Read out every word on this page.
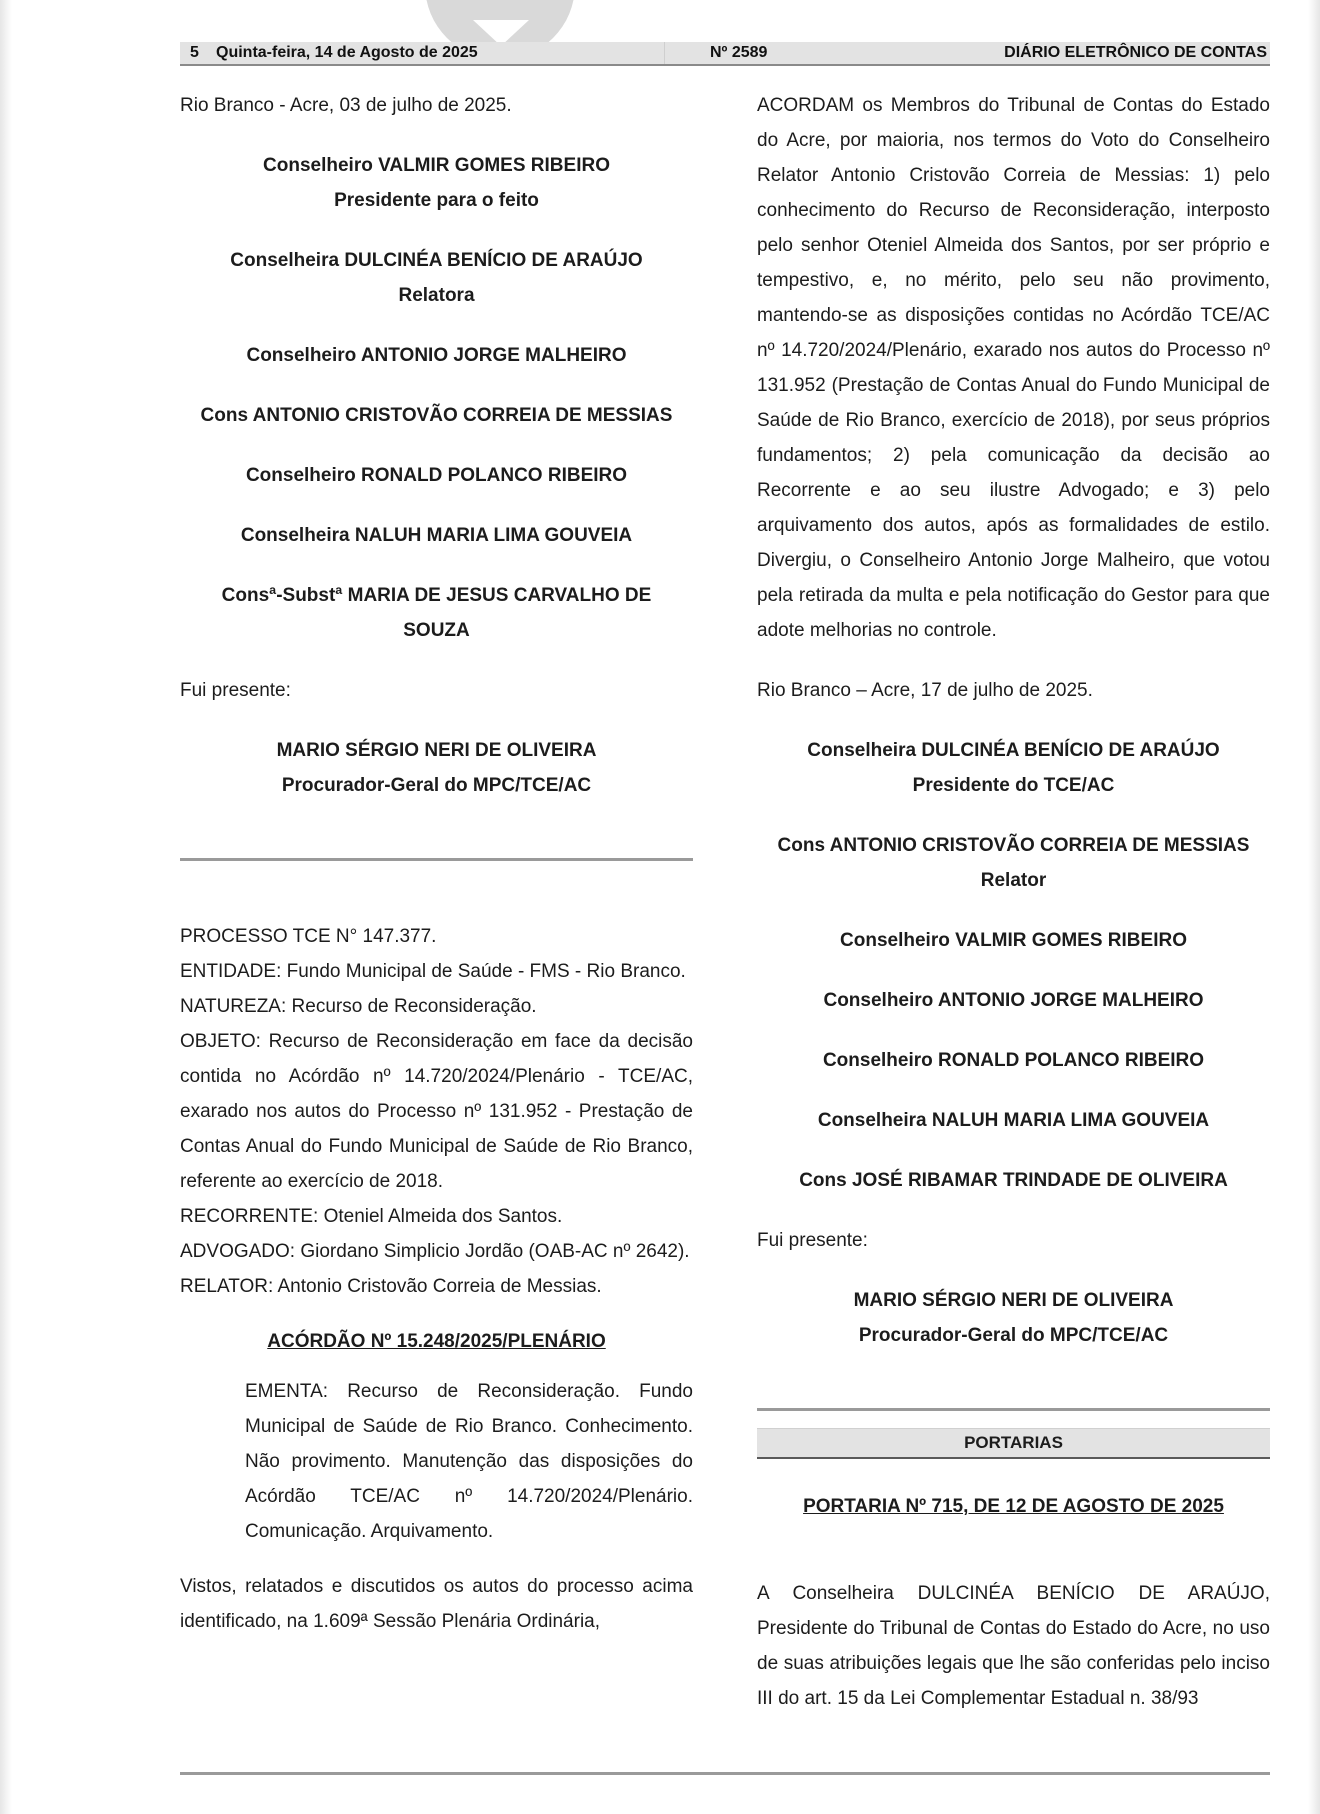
5 Quinta-feira, 14 de Agosto de 2025	Nº 2589	DIÁRIO ELETRÔNICO DE CONTAS

Rio Branco - Acre, 03 de julho de 2025.

Conselheiro VALMIR GOMES RIBEIRO

Presidente para o feito

Conselheira DULCINÉA BENÍCIO DE ARAÚJO

Relatora

Conselheiro ANTONIO JORGE MALHEIRO

Cons ANTONIO CRISTOVÃO CORREIA DE MESSIAS

Conselheiro RONALD POLANCO RIBEIRO

Conselheira NALUH MARIA LIMA GOUVEIA

Consª-Substª MARIA DE JESUS CARVALHO DE

SOUZA

Fui presente:

MARIO SÉRGIO NERI DE OLIVEIRA

Procurador-Geral do MPC/TCE/AC

PROCESSO TCE N° 147.377.

ENTIDADE: Fundo Municipal de Saúde - FMS - Rio Branco.

NATUREZA: Recurso de Reconsideração.

OBJETO: Recurso de Reconsideração em face da decisão contida no Acórdão nº 14.720/2024/Plenário - TCE/AC, exarado nos autos do Processo nº 131.952 - Prestação de Contas Anual do Fundo Municipal de Saúde de Rio Branco, referente ao exercício de 2018.

RECORRENTE: Oteniel Almeida dos Santos.

ADVOGADO: Giordano Simplicio Jordão (OAB-AC nº 2642).

RELATOR: Antonio Cristovão Correia de Messias.

ACÓRDÃO Nº 15.248/2025/PLENÁRIO

EMENTA: Recurso de Reconsideração. Fundo Municipal de Saúde de Rio Branco. Conhecimento. Não provimento. Manutenção das disposições do Acórdão TCE/AC nº 14.720/2024/Plenário. Comunicação. Arquivamento.

Vistos, relatados e discutidos os autos do processo acima identificado, na 1.609ª Sessão Plenária Ordinária,

ACORDAM os Membros do Tribunal de Contas do Estado do Acre, por maioria, nos termos do Voto do Conselheiro Relator Antonio Cristovão Correia de Messias: 1) pelo conhecimento do Recurso de Reconsideração, interposto pelo senhor Oteniel Almeida dos Santos, por ser próprio e tempestivo, e, no mérito, pelo seu não provimento, mantendo-se as disposições contidas no Acórdão TCE/AC nº 14.720/2024/Plenário, exarado nos autos do Processo nº 131.952 (Prestação de Contas Anual do Fundo Municipal de Saúde de Rio Branco, exercício de 2018), por seus próprios fundamentos; 2) pela comunicação da decisão ao Recorrente e ao seu ilustre Advogado; e 3) pelo arquivamento dos autos, após as formalidades de estilo. Divergiu, o Conselheiro Antonio Jorge Malheiro, que votou pela retirada da multa e pela notificação do Gestor para que adote melhorias no controle.

Rio Branco – Acre, 17 de julho de 2025.

Conselheira DULCINÉA BENÍCIO DE ARAÚJO

Presidente do TCE/AC

Cons ANTONIO CRISTOVÃO CORREIA DE MESSIAS

Relator

Conselheiro VALMIR GOMES RIBEIRO

Conselheiro ANTONIO JORGE MALHEIRO

Conselheiro RONALD POLANCO RIBEIRO

Conselheira NALUH MARIA LIMA GOUVEIA

Cons JOSÉ RIBAMAR TRINDADE DE OLIVEIRA

Fui presente:

MARIO SÉRGIO NERI DE OLIVEIRA

Procurador-Geral do MPC/TCE/AC

PORTARIAS

PORTARIA Nº 715, DE 12 DE AGOSTO DE 2025

A Conselheira DULCINÉA BENÍCIO DE ARAÚJO, Presidente do Tribunal de Contas do Estado do Acre, no uso de suas atribuições legais que lhe são conferidas pelo inciso III do art. 15 da Lei Complementar Estadual n. 38/93
